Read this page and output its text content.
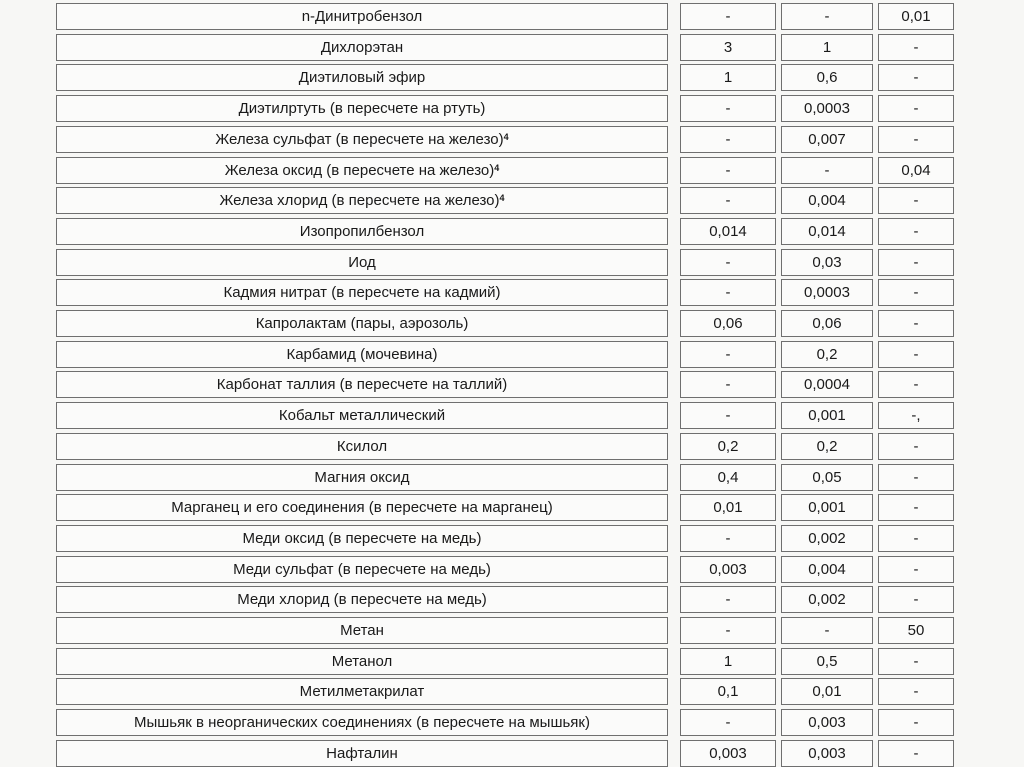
n-Динитробензол	-	-	0,01
Дихлорэтан	3	1	-
Диэтиловый эфир	1	0,6	-
Диэтилртуть (в пересчете на ртуть)	-	0,0003	-
Железа сульфат (в пересчете на железо)$^4$	-	0,007	-
Железа оксид (в пересчете на железо)$^4$	-	-	0,04
Железа хлорид (в пересчете на железо)$^4$	-	0,004	-
Изопропилбензол	0,014	0,014	-
Иод	-	0,03	-
Кадмия нитрат (в пересчете на кадмий)	-	0,0003	-
Капролактам (пары, аэрозоль)	0,06	0,06	-
Карбамид (мочевина)	-	0,2	-
Карбонат таллия (в пересчете на таллий)	-	0,0004	-
Кобальт металлический	-	0,001	-,
Ксилол	0,2	0,2	-
Магния оксид	0,4	0,05	-
Марганец и его соединения (в пересчете на марганец)	0,01	0,001	-
Меди оксид (в пересчете на медь)	-	0,002	-
Меди сульфат (в пересчете на медь)	0,003	0,004	-
Меди хлорид (в пересчете на медь)	-	0,002	-
Метан	-	-	50
Метанол	1	0,5	-
Метилметакрилат	0,1	0,01	-
Мышьяк в неорганических соединениях (в пересчете на мышьяк)	-	0,003	-
Нафталин	0,003	0,003	-
